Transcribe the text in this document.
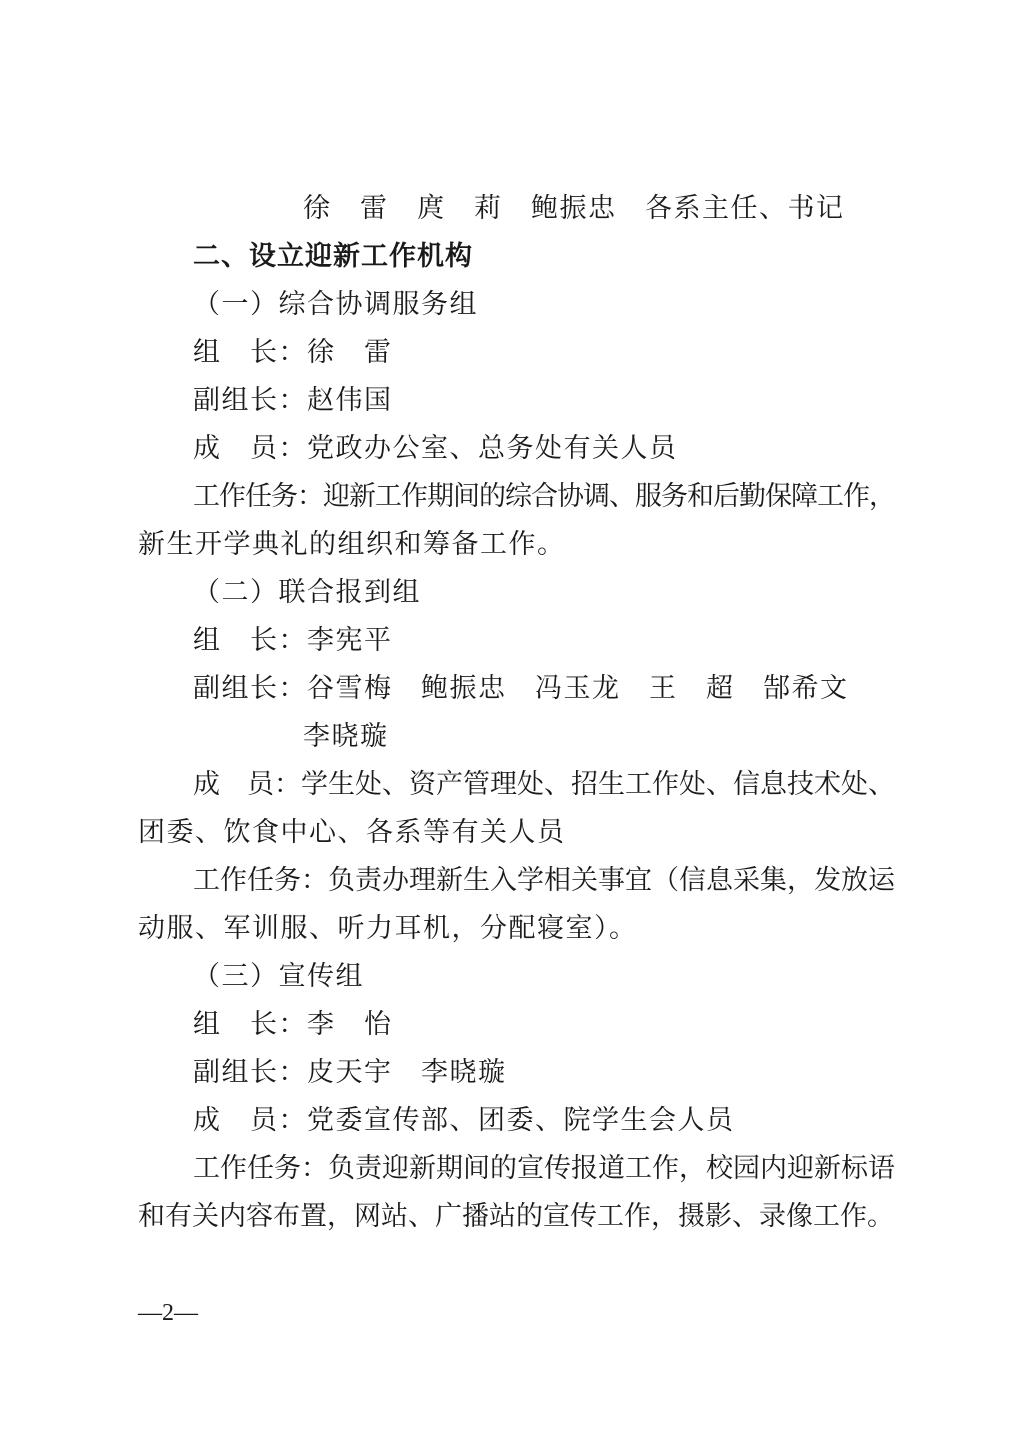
徐　雷　庹　莉　鲍振忠　各系主任、书记

二、设立迎新工作机构

（一）综合协调服务组

组　长：徐　雷

副组长：赵伟国

成　员：党政办公室、总务处有关人员

工作任务：迎新工作期间的综合协调、服务和后勤保障工作，

新生开学典礼的组织和筹备工作。

（二）联合报到组

组　长：李宪平

副组长：谷雪梅　鲍振忠　冯玉龙　王　超　郜希文

李晓璇

成　员：学生处、资产管理处、招生工作处、信息技术处、

团委、饮食中心、各系等有关人员

工作任务：负责办理新生入学相关事宜（信息采集，发放运

动服、军训服、听力耳机，分配寝室）。

（三）宣传组

组　长：李　怡

副组长：皮天宇　李晓璇

成　员：党委宣传部、团委、院学生会人员

工作任务：负责迎新期间的宣传报道工作，校园内迎新标语

和有关内容布置，网站、广播站的宣传工作，摄影、录像工作。

—2—
